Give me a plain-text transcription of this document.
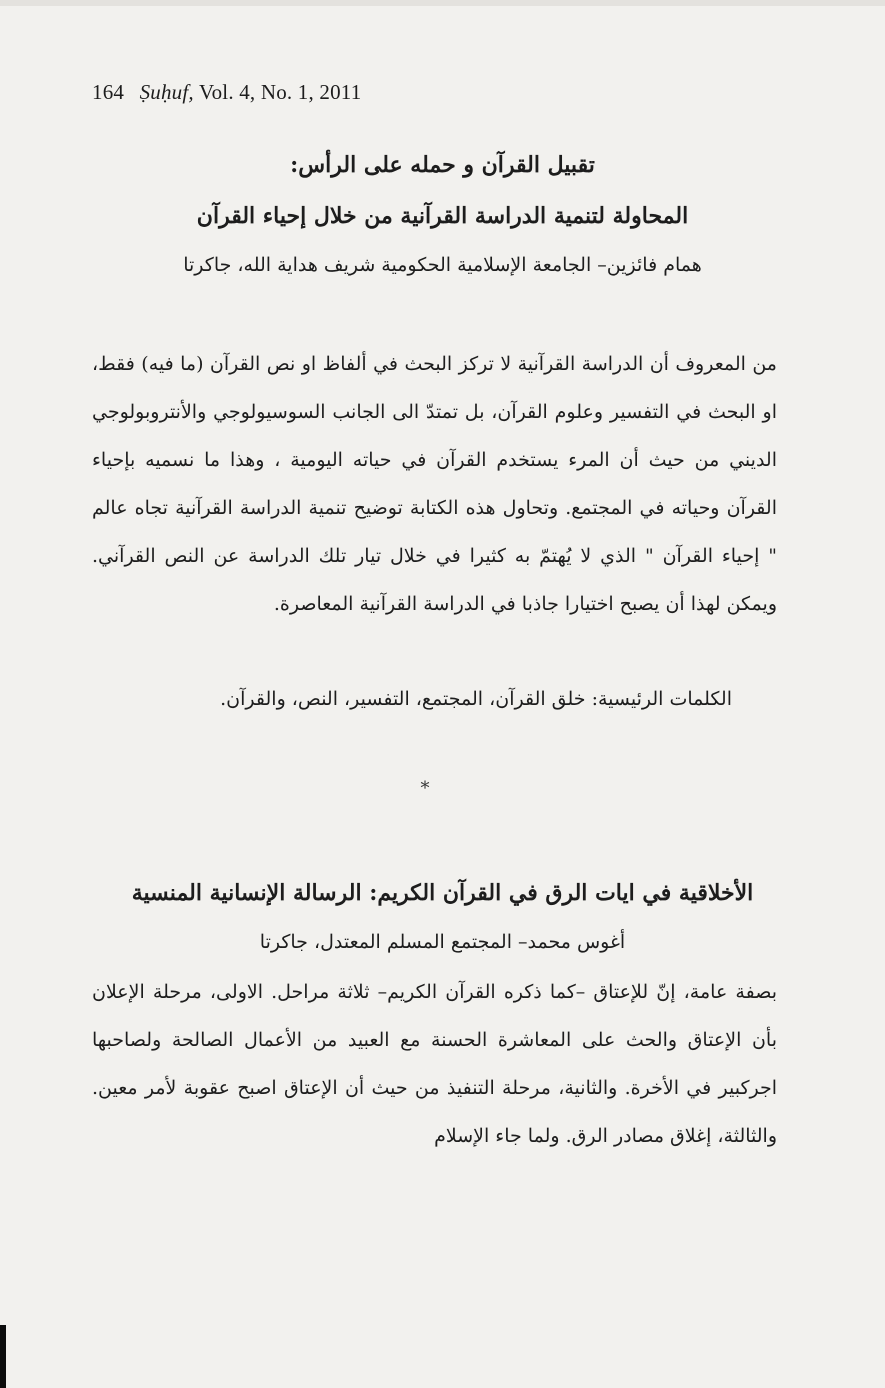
164 Ṣuḥuf, Vol. 4, No. 1, 2011
تقبيل القرآن و حمله على الرأس:
المحاولة لتنمية الدراسة القرآنية من خلال إحياء القرآن
همام فائزين– الجامعة الإسلامية الحكومية شريف هداية الله، جاكرتا

من المعروف أن الدراسة القرآنية لا تركز البحث في ألفاظ او نص القرآن (ما فيه) فقط، او البحث في التفسير وعلوم القرآن، بل تمتدّ الى الجانب السوسيولوجي والأنتروبولوجي الديني من حيث أن المرء يستخدم القرآن في حياته اليومية ، وهذا ما نسميه بإحياء القرآن وحياته في المجتمع. وتحاول هذه الكتابة توضيح تنمية الدراسة القرآنية تجاه عالم " إحياء القرآن " الذي لا يُهتمّ به كثيرا في خلال تيار تلك الدراسة عن النص القرآني. ويمكن لهذا أن يصبح اختيارا جاذبا في الدراسة القرآنية المعاصرة.

الكلمات الرئيسية: خلق القرآن، المجتمع، التفسير، النص، والقرآن.
*
الأخلاقية في ايات الرق في القرآن الكريم: الرسالة الإنسانية المنسية
أغوس محمد– المجتمع المسلم المعتدل، جاكرتا

بصفة عامة، إنّ للإعتاق –كما ذكره القرآن الكريم– ثلاثة مراحل. الاولى، مرحلة الإعلان بأن الإعتاق والحث على المعاشرة الحسنة مع العبيد من الأعمال الصالحة ولصاحبها اجركبير في الأخرة. والثانية، مرحلة التنفيذ من حيث أن الإعتاق اصبح عقوبة لأمر معين. والثالثة، إغلاق مصادر الرق. ولما جاء الإسلام
